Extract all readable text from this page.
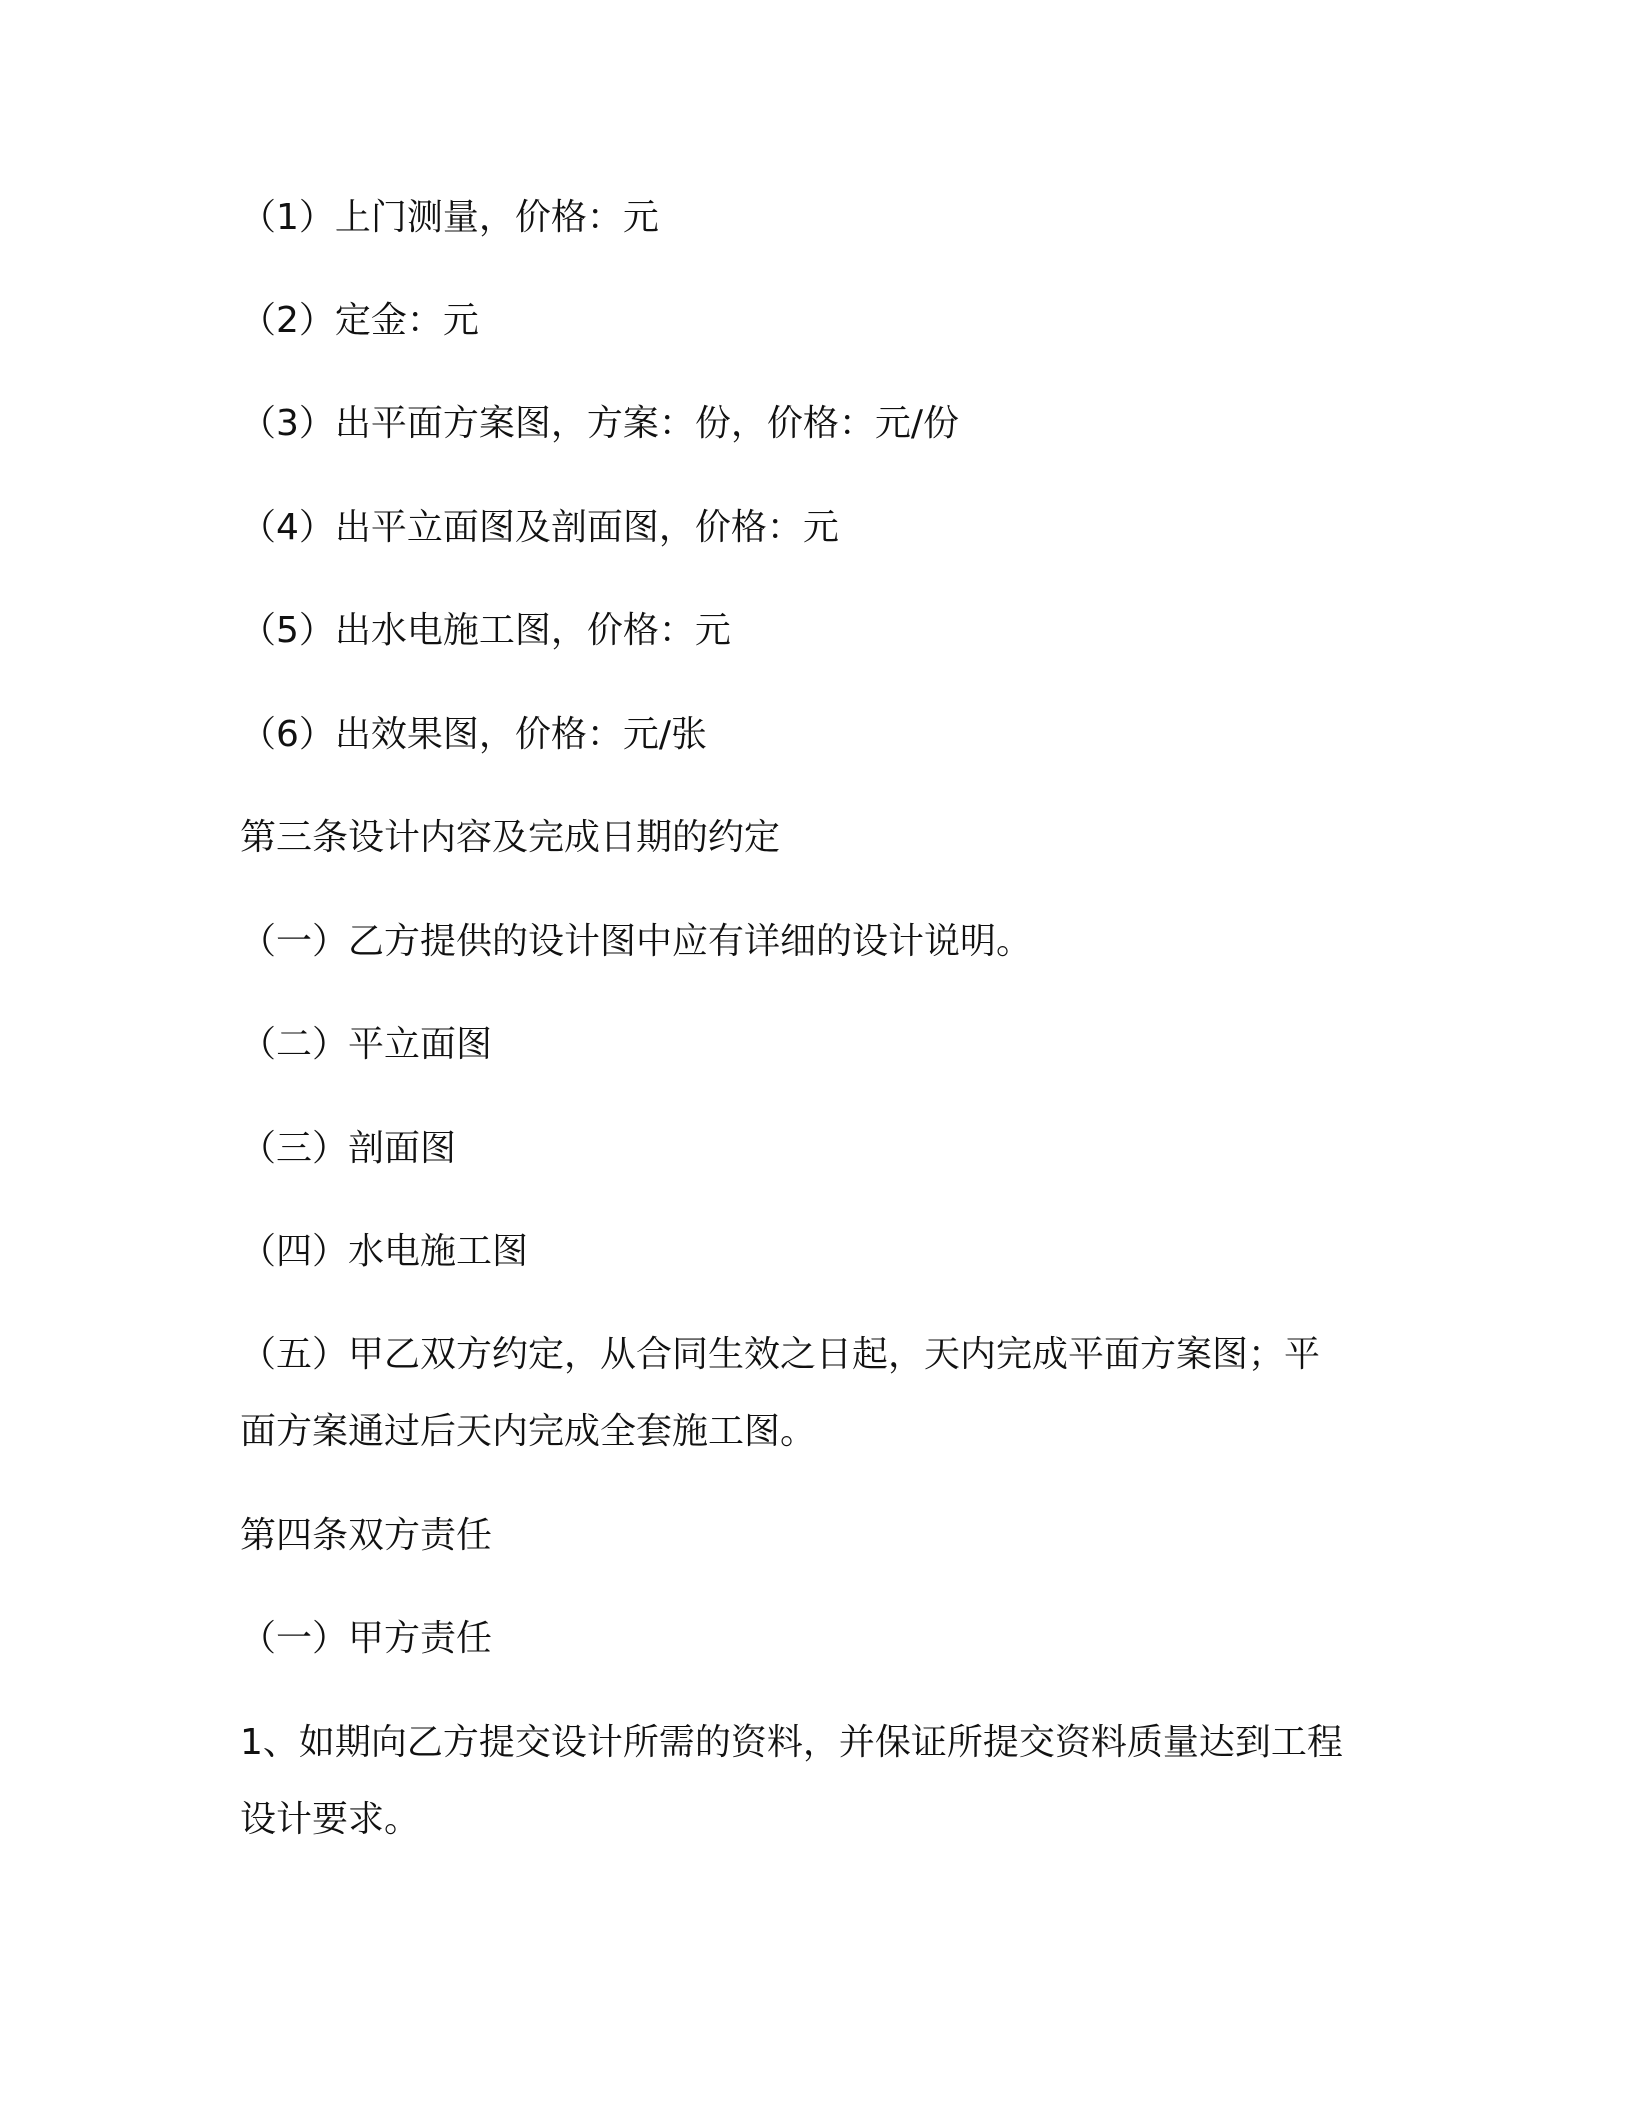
（1）上门测量，价格：元
（2）定金：元
（3）出平面方案图，方案：份，价格：元/份
（4）出平立面图及剖面图，价格：元
（5）出水电施工图，价格：元
（6）出效果图，价格：元/张
第三条设计内容及完成日期的约定
（一）乙方提供的设计图中应有详细的设计说明。
（二）平立面图
（三）剖面图
（四）水电施工图
（五）甲乙双方约定，从合同生效之日起，天内完成平面方案图；平
面方案通过后天内完成全套施工图。
第四条双方责任
（一）甲方责任
1、如期向乙方提交设计所需的资料，并保证所提交资料质量达到工程
设计要求。
